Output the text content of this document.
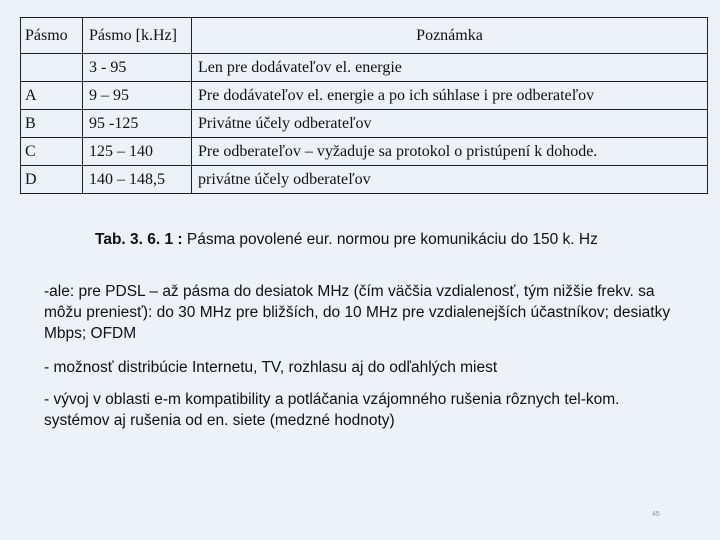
Pásmo	Pásmo [k.Hz]	Poznámka
	3 - 95	Len pre dodávateľov el. energie
A	9 – 95	Pre dodávateľov el. energie a po ich súhlase i pre odberateľov
B	95 -125	Privátne účely odberateľov
C	125 – 140	Pre odberateľov – vyžaduje sa protokol o pristúpení k dohode.
D	140 – 148,5	privátne účely odberateľov
Tab. 3. 6. 1 : Pásma povolené eur. normou pre komunikáciu do 150 k. Hz
-ale: pre PDSL – až pásma do desiatok MHz (čím väčšia vzdialenosť, tým nižšie frekv. sa môžu preniesť): do 30 MHz pre bližších, do 10 MHz pre vzdialenejších účastníkov; desiatky Mbps; OFDM
- možnosť distribúcie Internetu, TV, rozhlasu aj do odľahlých miest
- vývoj v oblasti e-m kompatibility a potláčania vzájomného rušenia rôznych tel-kom. systémov aj rušenia od en. siete (medzné hodnoty)
45
